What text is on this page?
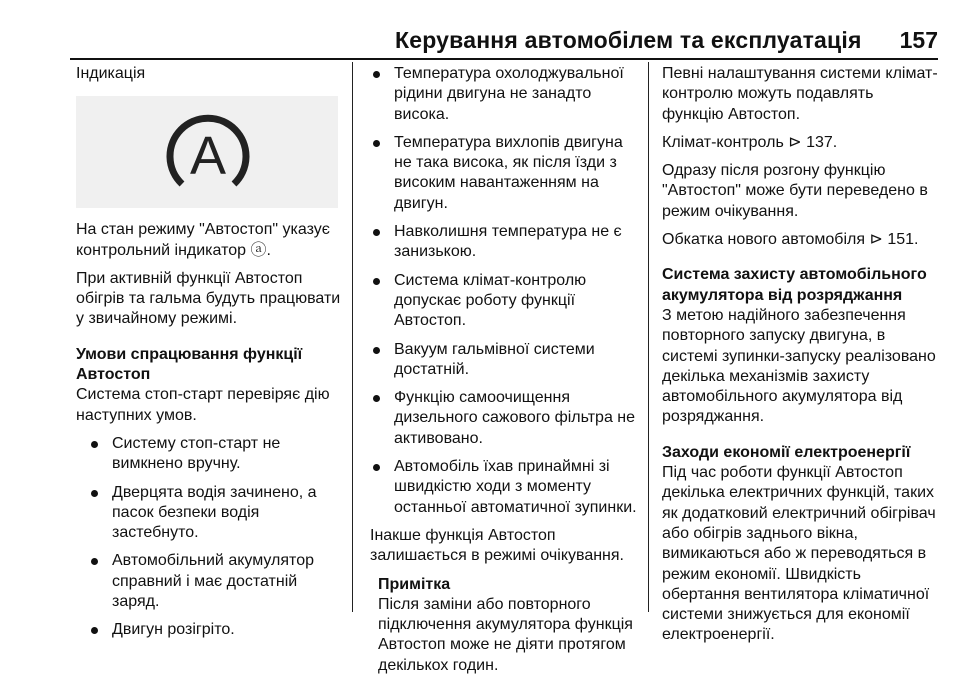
Керування автомобілем та експлуатація 157
Індикація
A

На стан режиму "Автостоп" указує контрольний індикатор ⓐ.

При активній функції Автостоп обігрів та гальма будуть працювати у звичайному режимі.

Умови спрацювання функції Автостоп

Система стоп-старт перевіряє дію наступних умов.

Систему стоп-старт не вимкнено вручну.
Дверцята водія зачинено, а пасок безпеки водія застебнуто.
Автомобільний акумулятор справний і має достатній заряд.
Двигун розігріто.
Температура охолоджувальної рідини двигуна не занадто висока.
Температура вихлопів двигуна не така висока, як після їзди з високим навантаженням на двигун.
Навколишня температура не є занизькою.
Система клімат-контролю допускає роботу функції Автостоп.
Вакуум гальмівної системи достатній.
Функцію самоочищення дизельного сажового фільтра не активовано.
Автомобіль їхав принаймні зі швидкістю ходи з моменту останньої автоматичної зупинки.

Інакше функція Автостоп залишається в режимі очікування.

Примітка
Після заміни або повторного підключення акумулятора функція Автостоп може не діяти протягом декількох годин.

Певні налаштування системи клімат-контролю можуть подавлять функцію Автостоп.

Клімат-контроль ⊳ 137.

Одразу після розгону функцію "Автостоп" може бути переведено в режим очікування.

Обкатка нового автомобіля ⊳ 151.

Система захисту автомобільного акумулятора від розряджання

З метою надійного забезпечення повторного запуску двигуна, в системі зупинки-запуску реалізовано декілька механізмів захисту автомобільного акумулятора від розряджання.

Заходи економії електроенергії

Під час роботи функції Автостоп декілька електричних функцій, таких як додатковий електричний обігрівач або обігрів заднього вікна, вимикаються або ж переводяться в режим економії. Швидкість обертання вентилятора кліматичної системи знижується для економії електроенергії.
